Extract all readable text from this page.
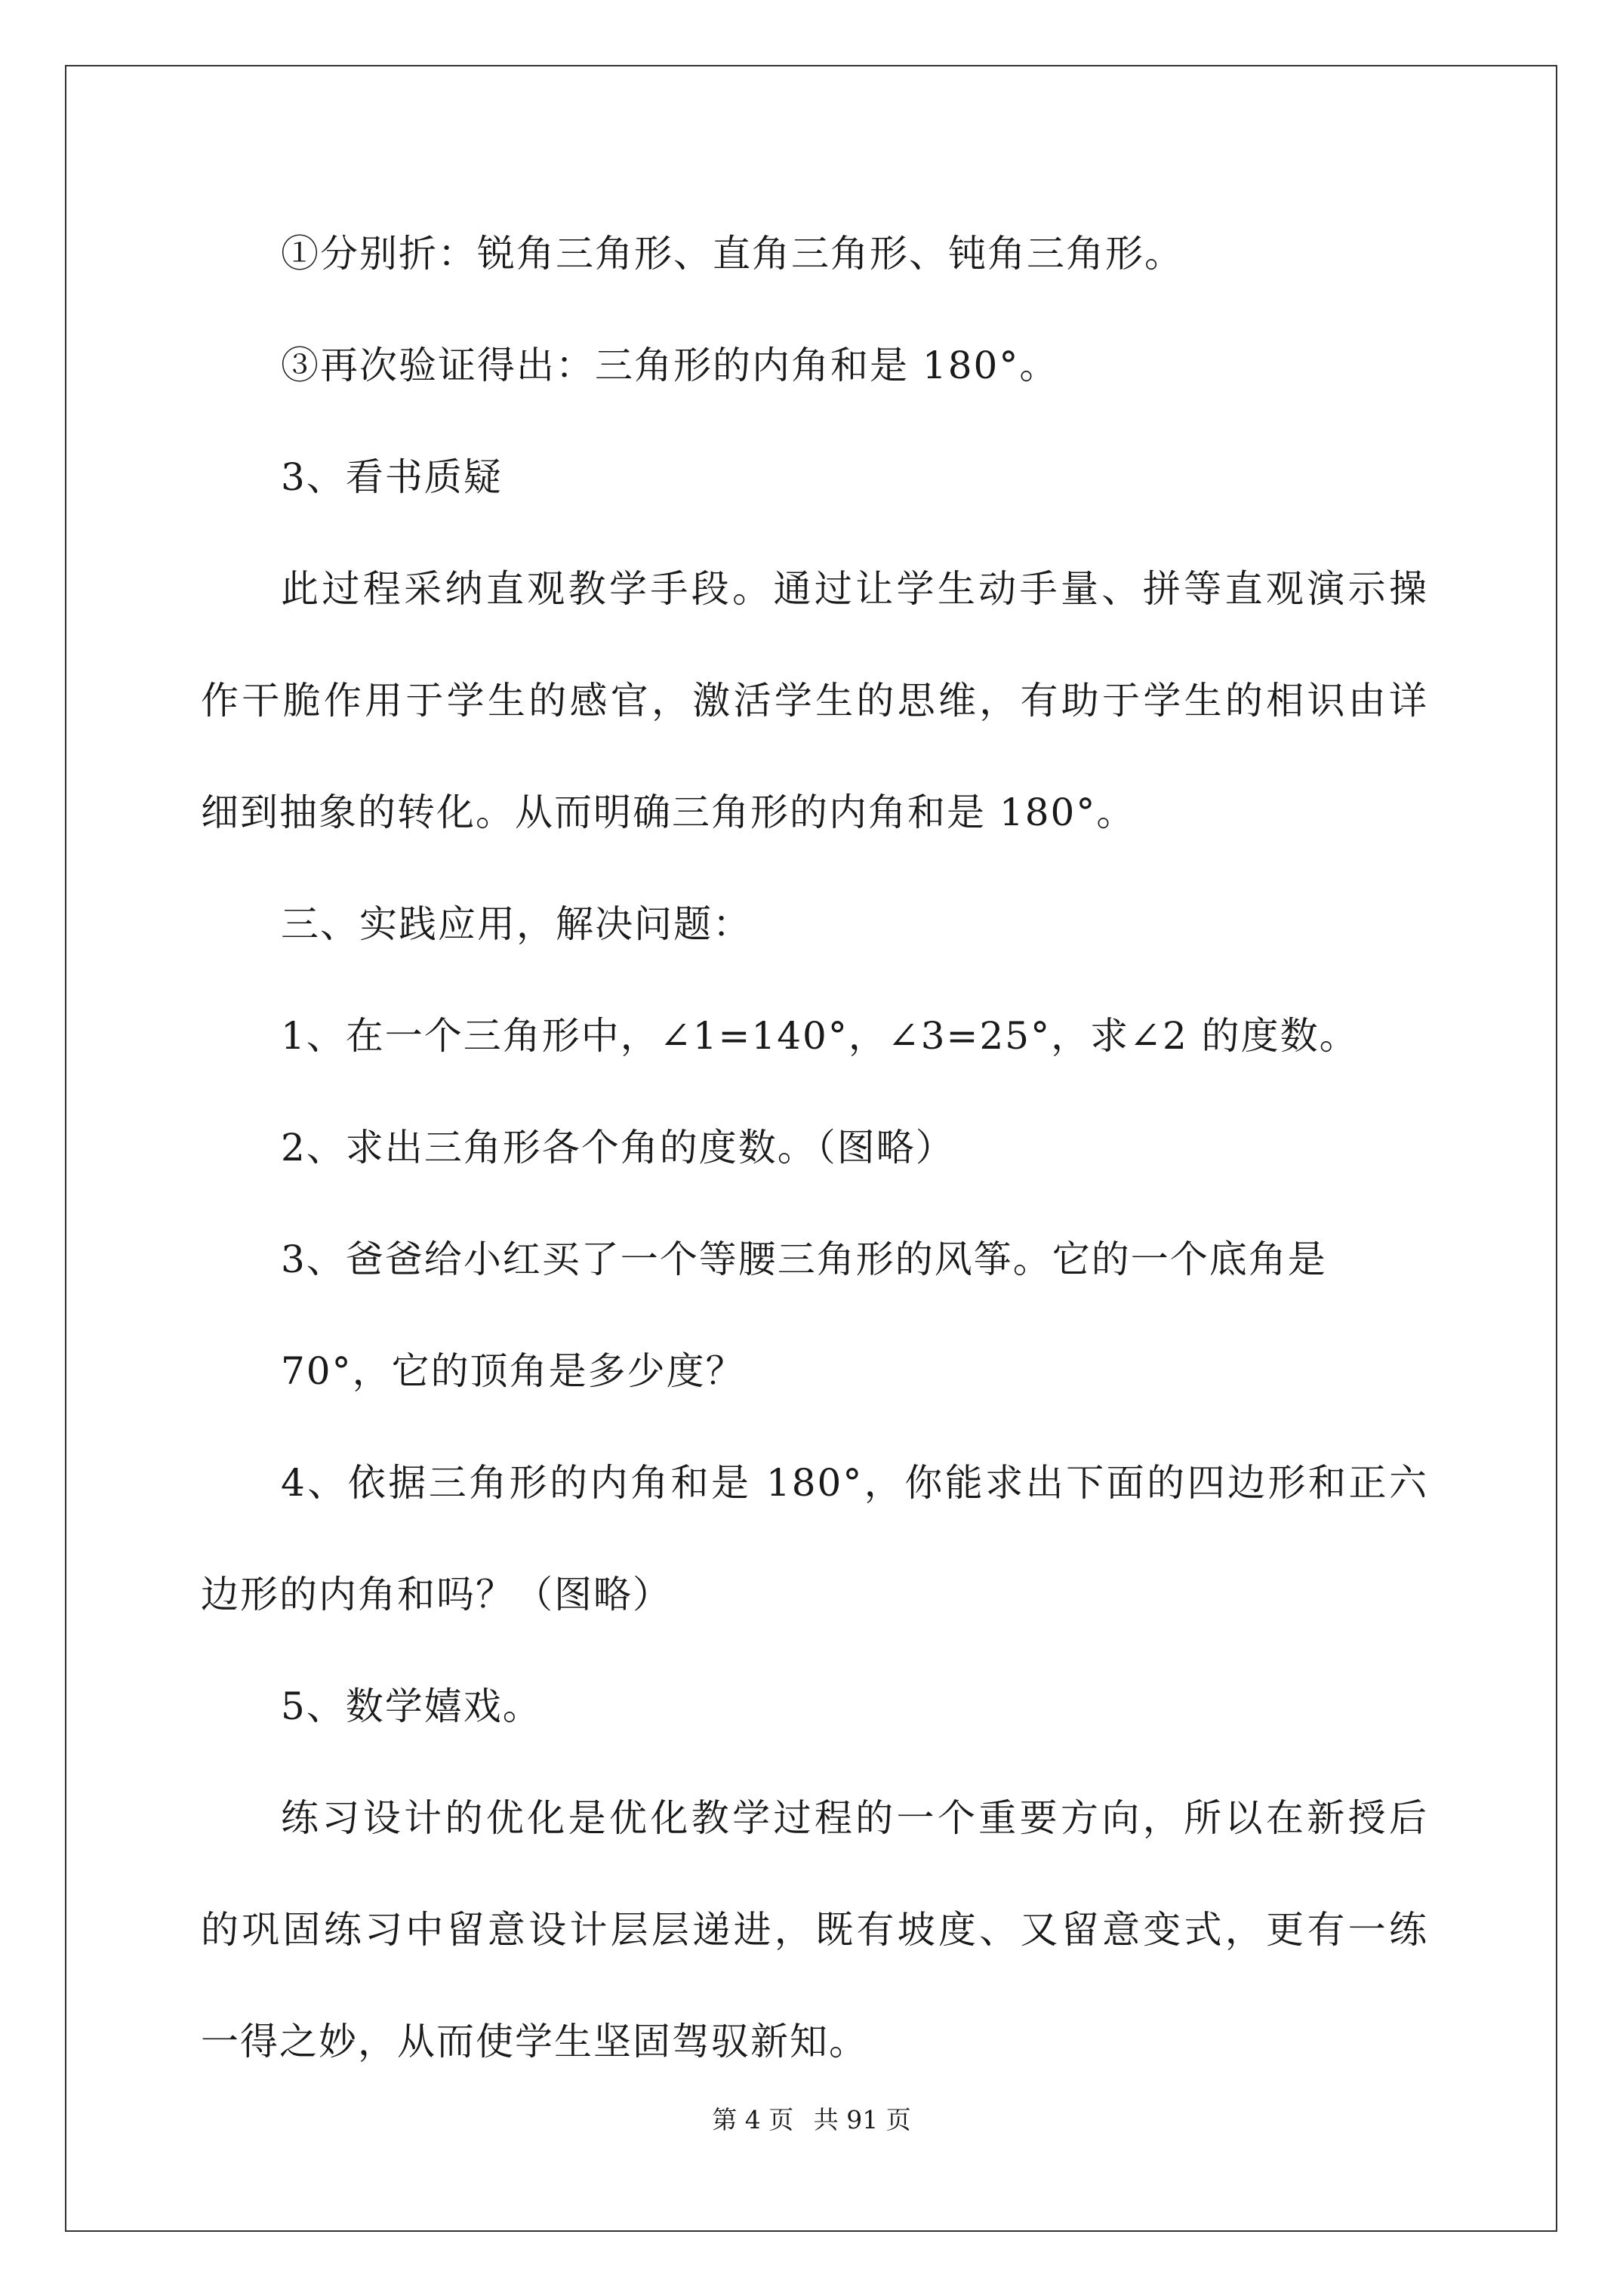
①分别折：锐角三角形、直角三角形、钝角三角形。
③再次验证得出：三角形的内角和是 180°。
3、看书质疑
此过程采纳直观教学手段。通过让学生动手量、拼等直观演示操
作干脆作用于学生的感官，激活学生的思维，有助于学生的相识由详
细到抽象的转化。从而明确三角形的内角和是 180°。
三、实践应用，解决问题：
1、在一个三角形中，∠1=140°，∠3=25°，求∠2 的度数。
2、求出三角形各个角的度数。（图略）
3、爸爸给小红买了一个等腰三角形的风筝。它的一个底角是
70°，它的顶角是多少度？
4、依据三角形的内角和是 180°，你能求出下面的四边形和正六
边形的内角和吗？（图略）
5、数学嬉戏。
练习设计的优化是优化教学过程的一个重要方向，所以在新授后
的巩固练习中留意设计层层递进，既有坡度、又留意变式，更有一练
一得之妙，从而使学生坚固驾驭新知。
第 4 页 共 91 页
